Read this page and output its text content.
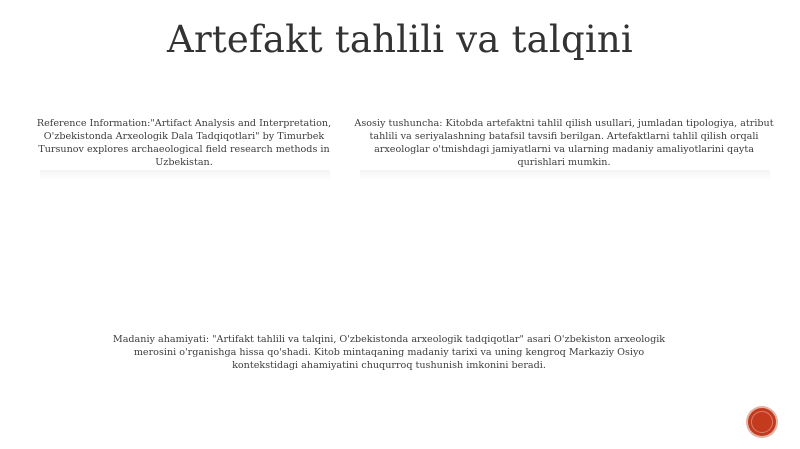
Artefakt tahlili va talqini
Reference Information:"Artifact Analysis and Interpretation, O'zbekistonda Arxeologik Dala Tadqiqotlari" by Timurbek Tursunov explores archaeological field research methods in Uzbekistan.
Asosiy tushuncha: Kitobda artefaktni tahlil qilish usullari, jumladan tipologiya, atribut tahlili va seriyalashning batafsil tavsifi berilgan. Artefaktlarni tahlil qilish orqali arxeologlar o'tmishdagi jamiyatlarni va ularning madaniy amaliyotlarini qayta qurishlari mumkin.
Madaniy ahamiyati: "Artifakt tahlili va talqini, O'zbekistonda arxeologik tadqiqotlar" asari O'zbekiston arxeologik merosini o'rganishga hissa qo'shadi. Kitob mintaqaning madaniy tarixi va uning kengroq Markaziy Osiyo kontekstidagi ahamiyatini chuqurroq tushunish imkonini beradi.
